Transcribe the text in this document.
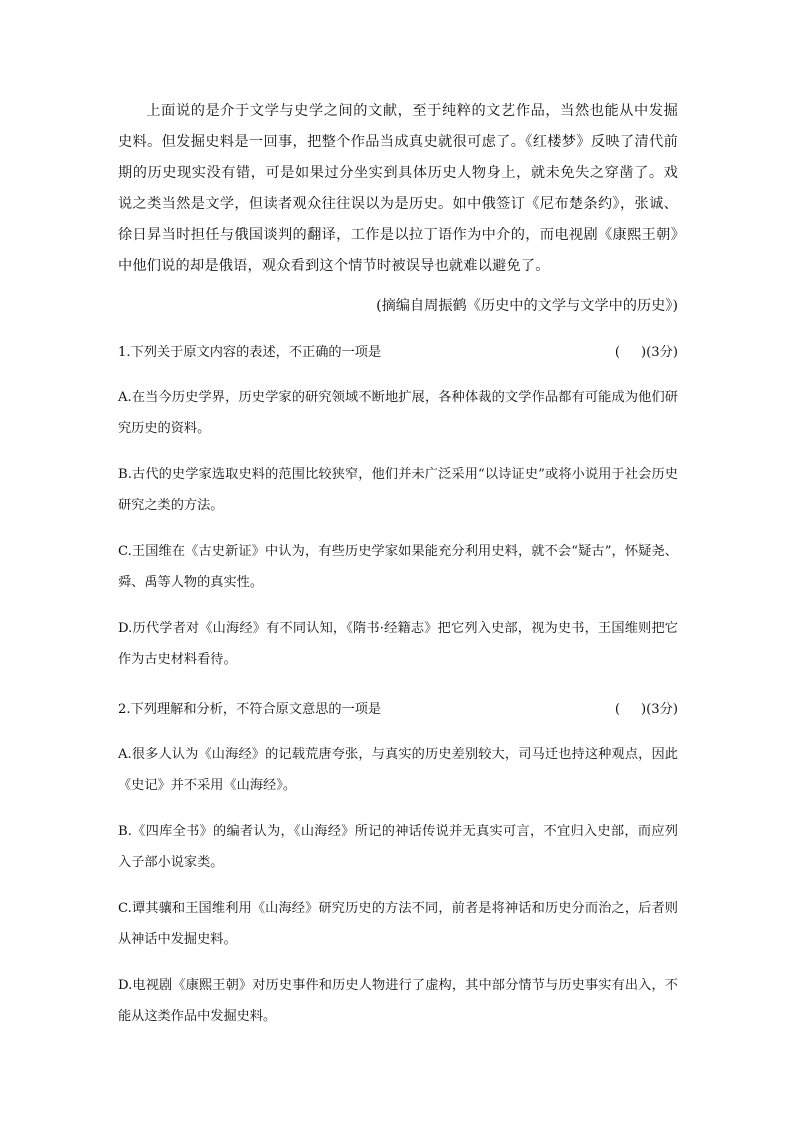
上面说的是介于文学与史学之间的文献，至于纯粹的文艺作品，当然也能从中发掘史料。但发掘史料是一回事，把整个作品当成真史就很可虑了。《红楼梦》反映了清代前期的历史现实没有错，可是如果过分坐实到具体历史人物身上，就未免失之穿凿了。戏说之类当然是文学，但读者观众往往误以为是历史。如中俄签订《尼布楚条约》，张诚、徐日昇当时担任与俄国谈判的翻译，工作是以拉丁语作为中介的，而电视剧《康熙王朝》中他们说的却是俄语，观众看到这个情节时被误导也就难以避免了。

(摘编自周振鹤《历史中的文学与文学中的历史》)

1.下列关于原文内容的表述，不正确的一项是	(     )(3分)

A.在当今历史学界，历史学家的研究领域不断地扩展，各种体裁的文学作品都有可能成为他们研究历史的资料。

B.古代的史学家选取史料的范围比较狭窄，他们并未广泛采用“以诗证史”或将小说用于社会历史研究之类的方法。

C.王国维在《古史新证》中认为，有些历史学家如果能充分利用史料，就不会“疑古”，怀疑尧、舜、禹等人物的真实性。

D.历代学者对《山海经》有不同认知，《隋书·经籍志》把它列入史部，视为史书，王国维则把它作为古史材料看待。

2.下列理解和分析，不符合原文意思的一项是	(     )(3分)

A.很多人认为《山海经》的记载荒唐夸张，与真实的历史差别较大，司马迁也持这种观点，因此《史记》并不采用《山海经》。

B.《四库全书》的编者认为，《山海经》所记的神话传说并无真实可言，不宜归入史部，而应列入子部小说家类。

C.谭其骧和王国维利用《山海经》研究历史的方法不同，前者是将神话和历史分而治之，后者则从神话中发掘史料。

D.电视剧《康熙王朝》对历史事件和历史人物进行了虚构，其中部分情节与历史事实有出入，不能从这类作品中发掘史料。
